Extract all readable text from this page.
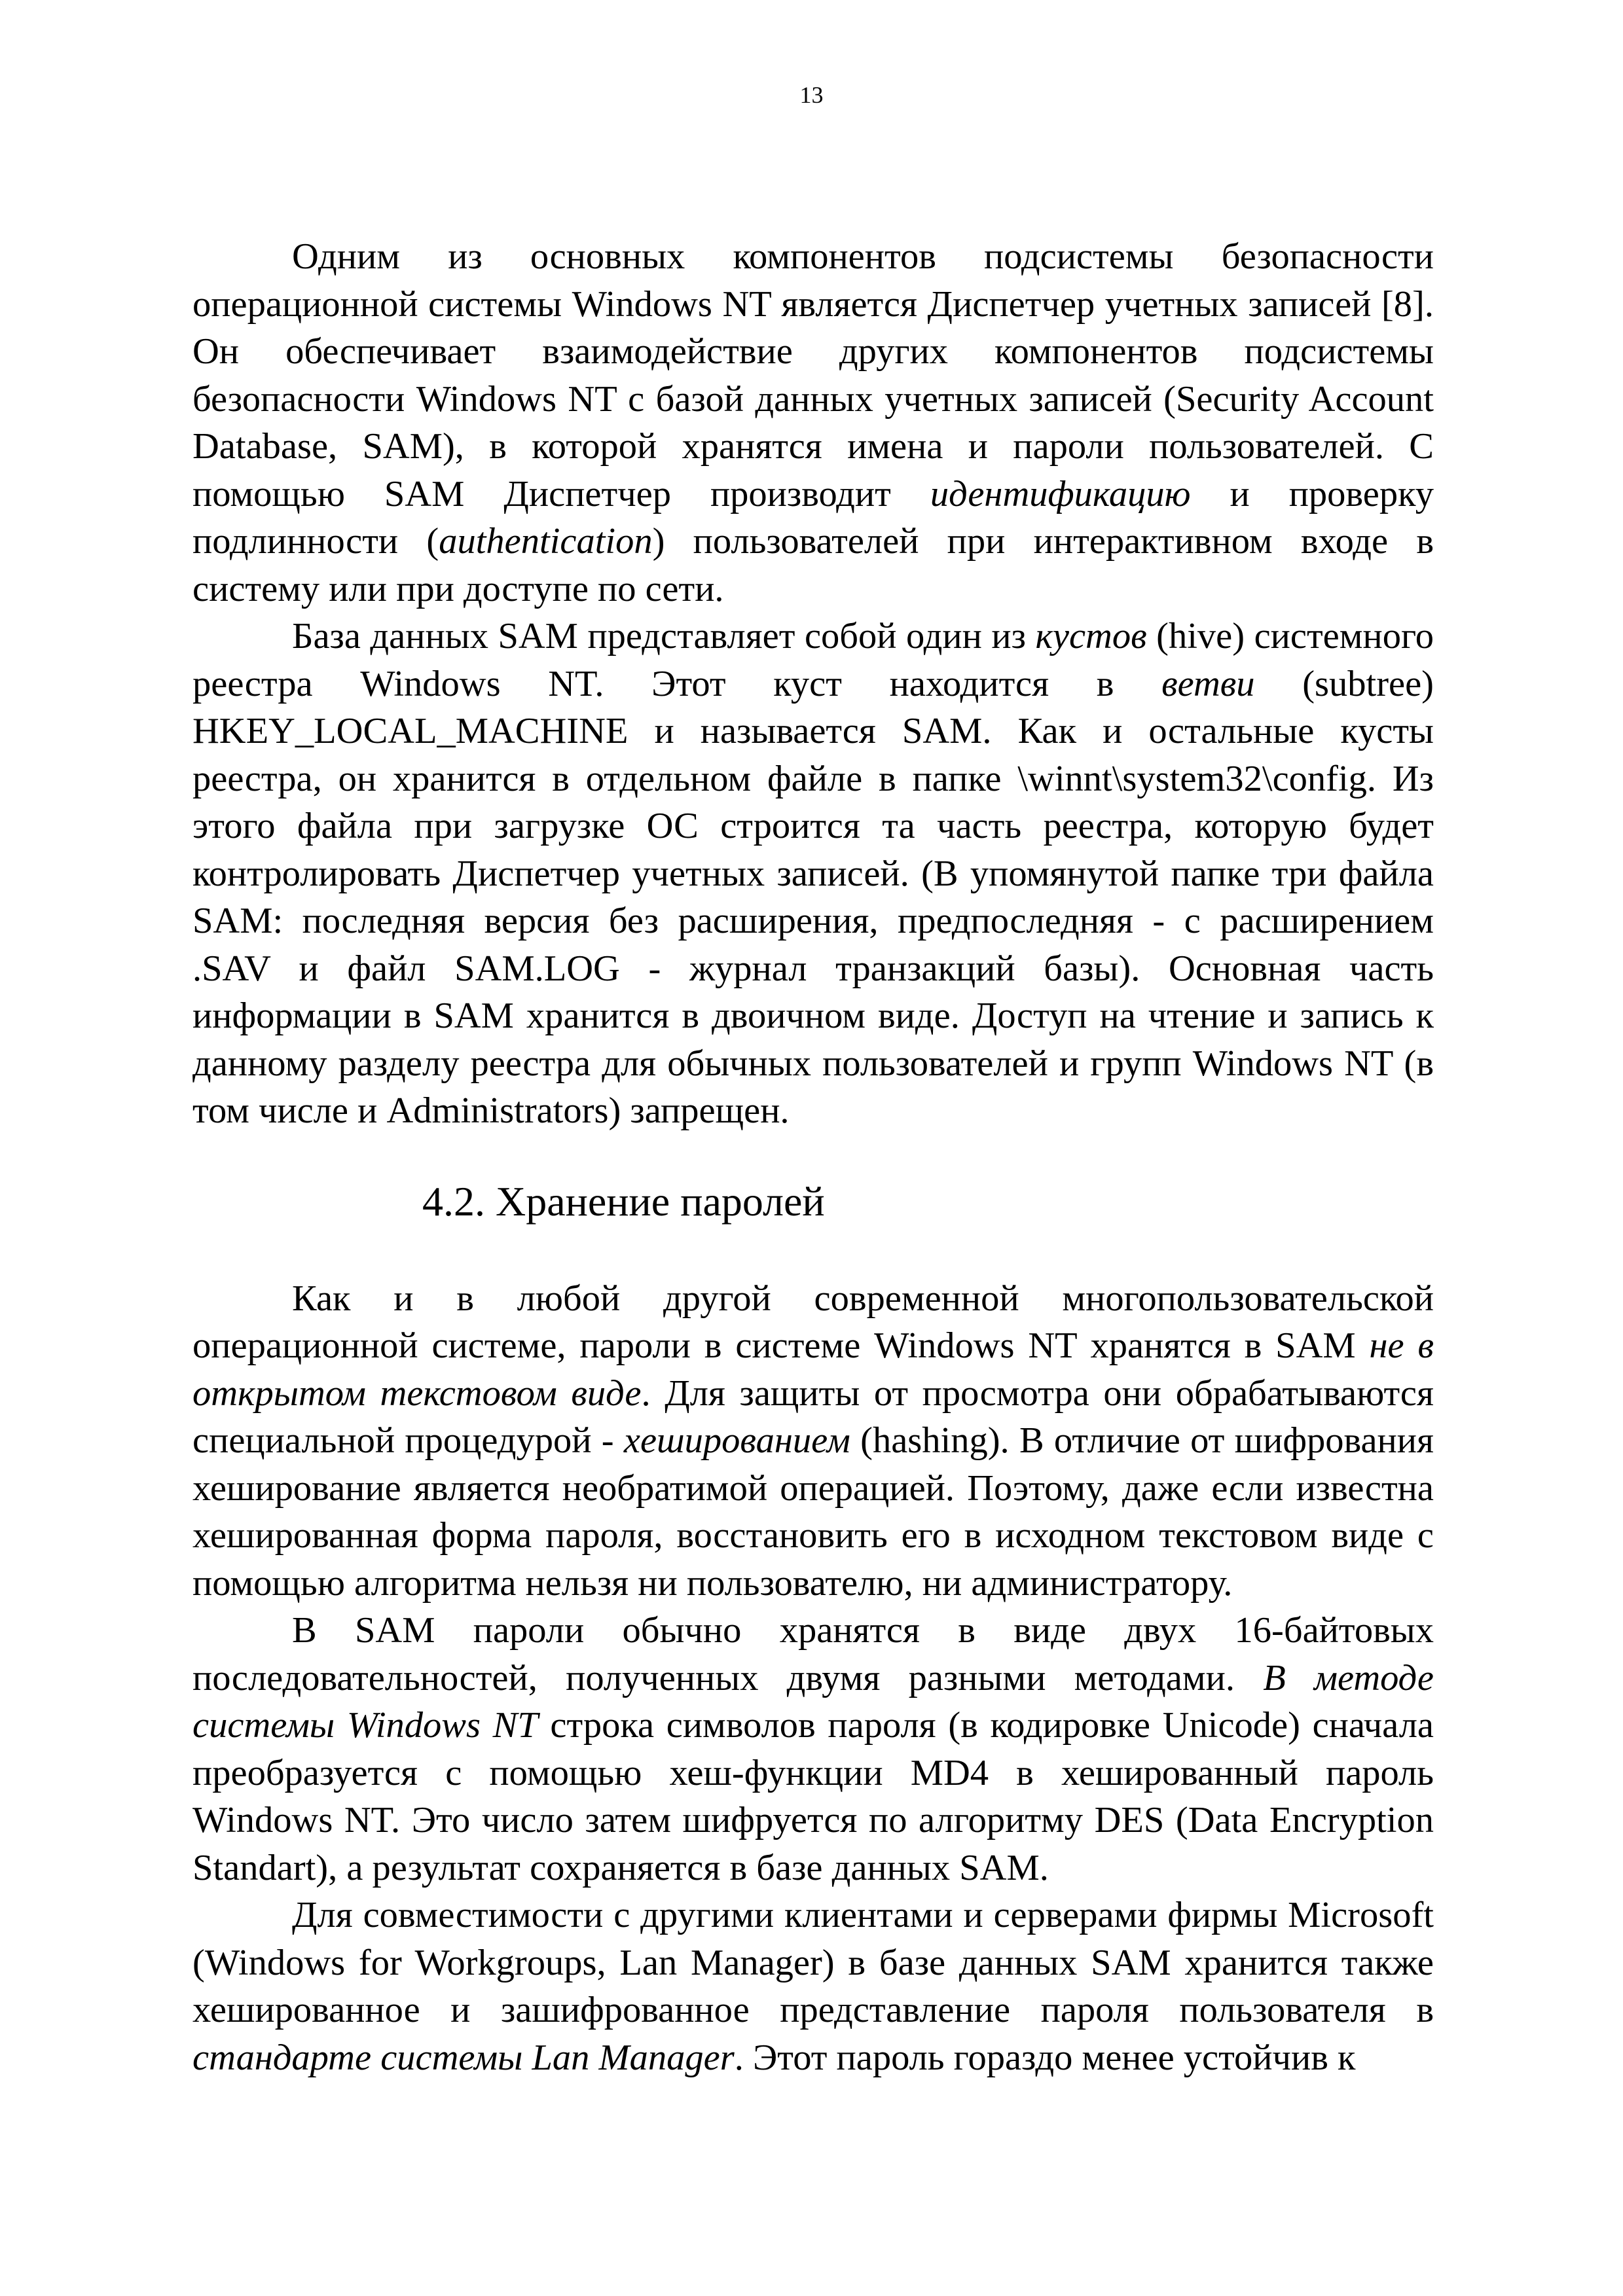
13

Одним из основных компонентов подсистемы безопасности операционной системы Windows NT является Диспетчер учетных записей [8]. Он обеспечивает взаимодействие других компонентов подсистемы безопасности Windows NT с базой данных учетных записей (Security Account Database, SAM), в которой хранятся имена и пароли пользователей. С помощью SAM Диспетчер производит идентификацию и проверку подлинности (authentication) пользователей при интерактивном входе в систему или при доступе по сети.

База данных SAM представляет собой один из кустов (hive) системного реестра Windows NT. Этот куст находится в ветви (subtree) HKEY_LOCAL_MACHINE и называется SAM. Как и остальные кусты реестра, он хранится в отдельном файле в папке \winnt\system32\config. Из этого файла при загрузке ОС строится та часть реестра, которую будет контролировать Диспетчер учетных записей. (В упомянутой папке три файла SAM: последняя версия без расширения, предпоследняя - с расширением .SAV и файл SAM.LOG - журнал транзакций базы). Основная часть информации в SAM хранится в двоичном виде. Доступ на чтение и запись к данному разделу реестра для обычных пользователей и групп Windows NT (в том числе и Administrators) запрещен.

4.2. Хранение паролей

Как и в любой другой современной многопользовательской операционной системе, пароли в системе Windows NT хранятся в SAM не в открытом текстовом виде. Для защиты от просмотра они обрабатываются специальной процедурой - хешированием (hashing). В отличие от шифрования хеширование является необратимой операцией. Поэтому, даже если известна хешированная форма пароля, восстановить его в исходном текстовом виде с помощью алгоритма нельзя ни пользователю, ни администратору.

В SAM пароли обычно хранятся в виде двух 16-байтовых последовательностей, полученных двумя разными методами. В методе системы Windows NT строка символов пароля (в кодировке Unicode) сначала преобразуется с помощью хеш-функции MD4 в хешированный пароль Windows NT. Это число затем шифруется по алгоритму DES (Data Encryption Standart), а результат сохраняется в базе данных SAM.

Для совместимости с другими клиентами и серверами фирмы Microsoft (Windows for Workgroups, Lan Manager) в базе данных SAM хранится также хешированное и зашифрованное представление пароля пользователя в стандарте системы Lan Manager. Этот пароль гораздо менее устойчив к
